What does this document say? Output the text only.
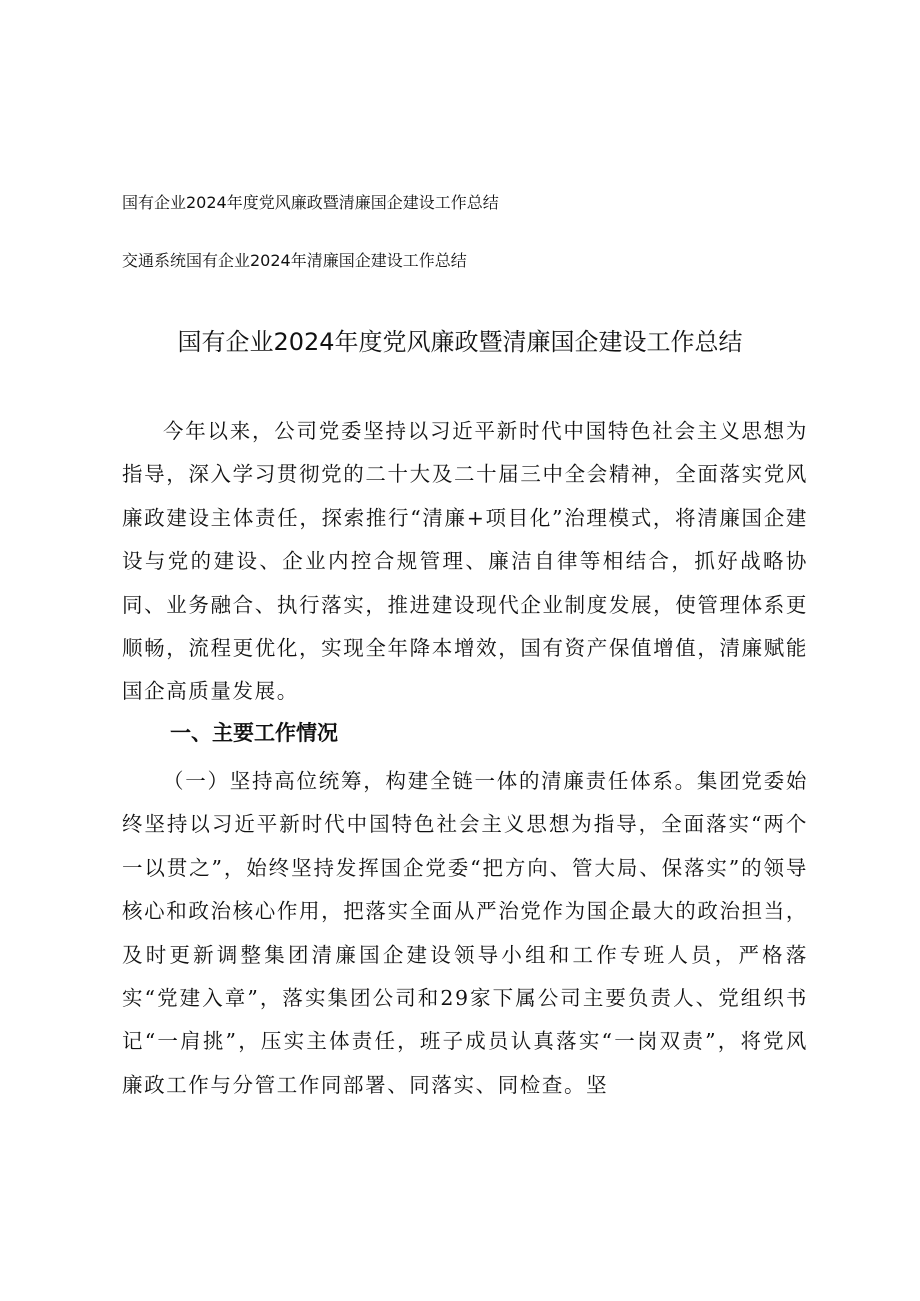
国有企业2024年度党风廉政暨清廉国企建设工作总结
交通系统国有企业2024年清廉国企建设工作总结
国有企业2024年度党风廉政暨清廉国企建设工作总结

今年以来，公司党委坚持以习近平新时代中国特色社会主义思想为指导，深入学习贯彻党的二十大及二十届三中全会精神，全面落实党风廉政建设主体责任，探索推行“清廉+项目化”治理模式，将清廉国企建设与党的建设、企业内控合规管理、廉洁自律等相结合，抓好战略协同、业务融合、执行落实，推进建设现代企业制度发展，使管理体系更顺畅，流程更优化，实现全年降本增效，国有资产保值增值，清廉赋能国企高质量发展。

一、主要工作情况

（一）坚持高位统筹，构建全链一体的清廉责任体系。集团党委始终坚持以习近平新时代中国特色社会主义思想为指导，全面落实“两个一以贯之”，始终坚持发挥国企党委“把方向、管大局、保落实”的领导核心和政治核心作用，把落实全面从严治党作为国企最大的政治担当，及时更新调整集团清廉国企建设领导小组和工作专班人员，严格落实“党建入章”，落实集团公司和29家下属公司主要负责人、党组织书记“一肩挑”，压实主体责任，班子成员认真落实“一岗双责”，将党风廉政工作与分管工作同部署、同落实、同检查。坚
